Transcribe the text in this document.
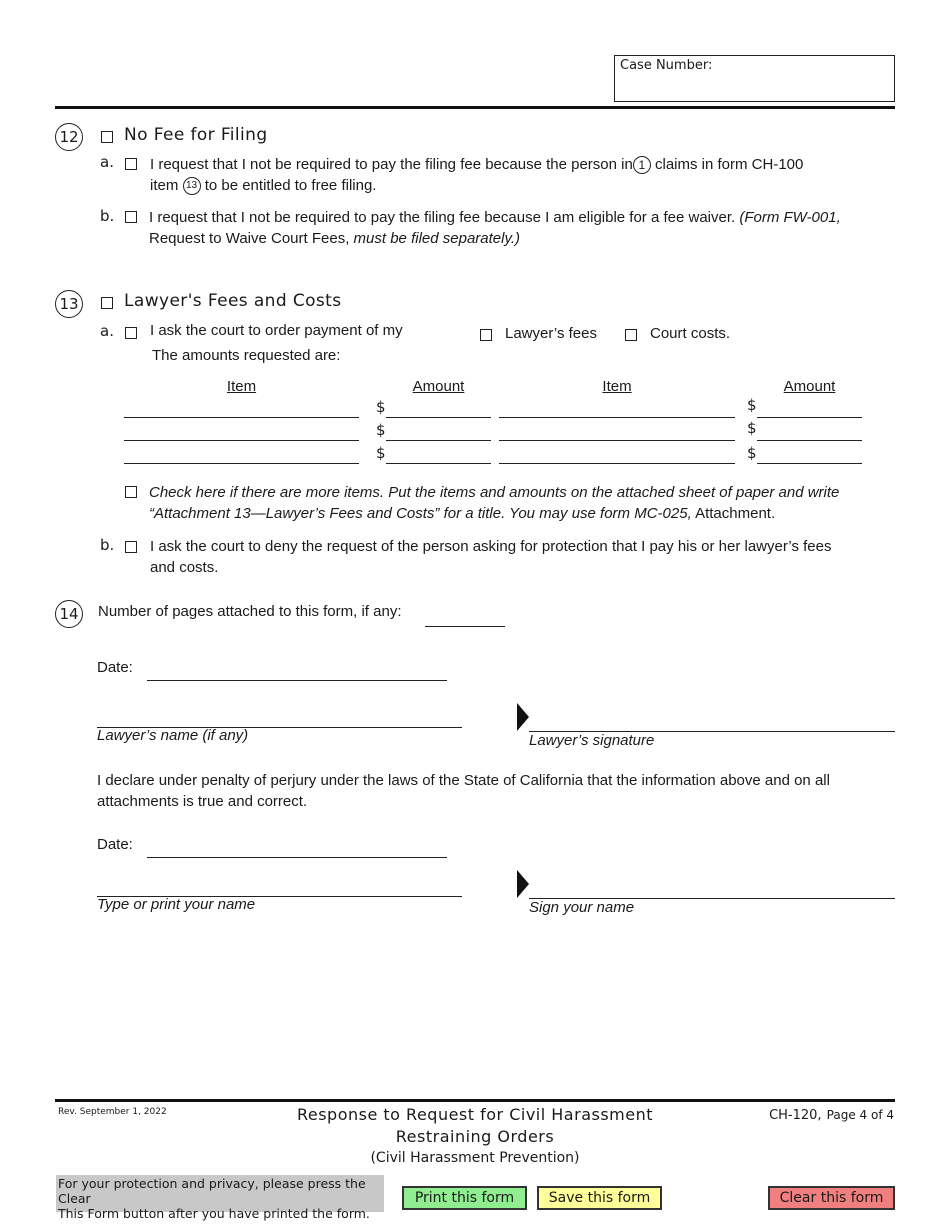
Case Number:
12	No Fee for Filing
a. I request that I not be required to pay the filing fee because the person in 1 claims in form CH-100
item 13 to be entitled to free filing.
b. I request that I not be required to pay the filing fee because I am eligible for a fee waiver. (Form FW-001,
Request to Waive Court Fees, must be filed separately.)
13	Lawyer's Fees and Costs
a. I ask the court to order payment of my	Lawyer’s fees	Court costs.
The amounts requested are:
Item	Amount	Item	Amount
$	$
$	$
$	$
Check here if there are more items. Put the items and amounts on the attached sheet of paper and write
“Attachment 13—Lawyer’s Fees and Costs” for a title. You may use form MC-025, Attachment.
b. I ask the court to deny the request of the person asking for protection that I pay his or her lawyer’s fees
and costs.
14 Number of pages attached to this form, if any:
Date:
Lawyer’s name (if any)	Lawyer’s signature
I declare under penalty of perjury under the laws of the State of California that the information above and on all
attachments is true and correct.
Date:
Type or print your name	Sign your name
Rev. September 1, 2022	Response to Request for Civil Harassment
Restraining Orders
(Civil Harassment Prevention)
CH-120, Page 4 of 4
For your protection and privacy, please press the Clear
This Form button after you have printed the form.
Print this form	Save this form	Clear this form
